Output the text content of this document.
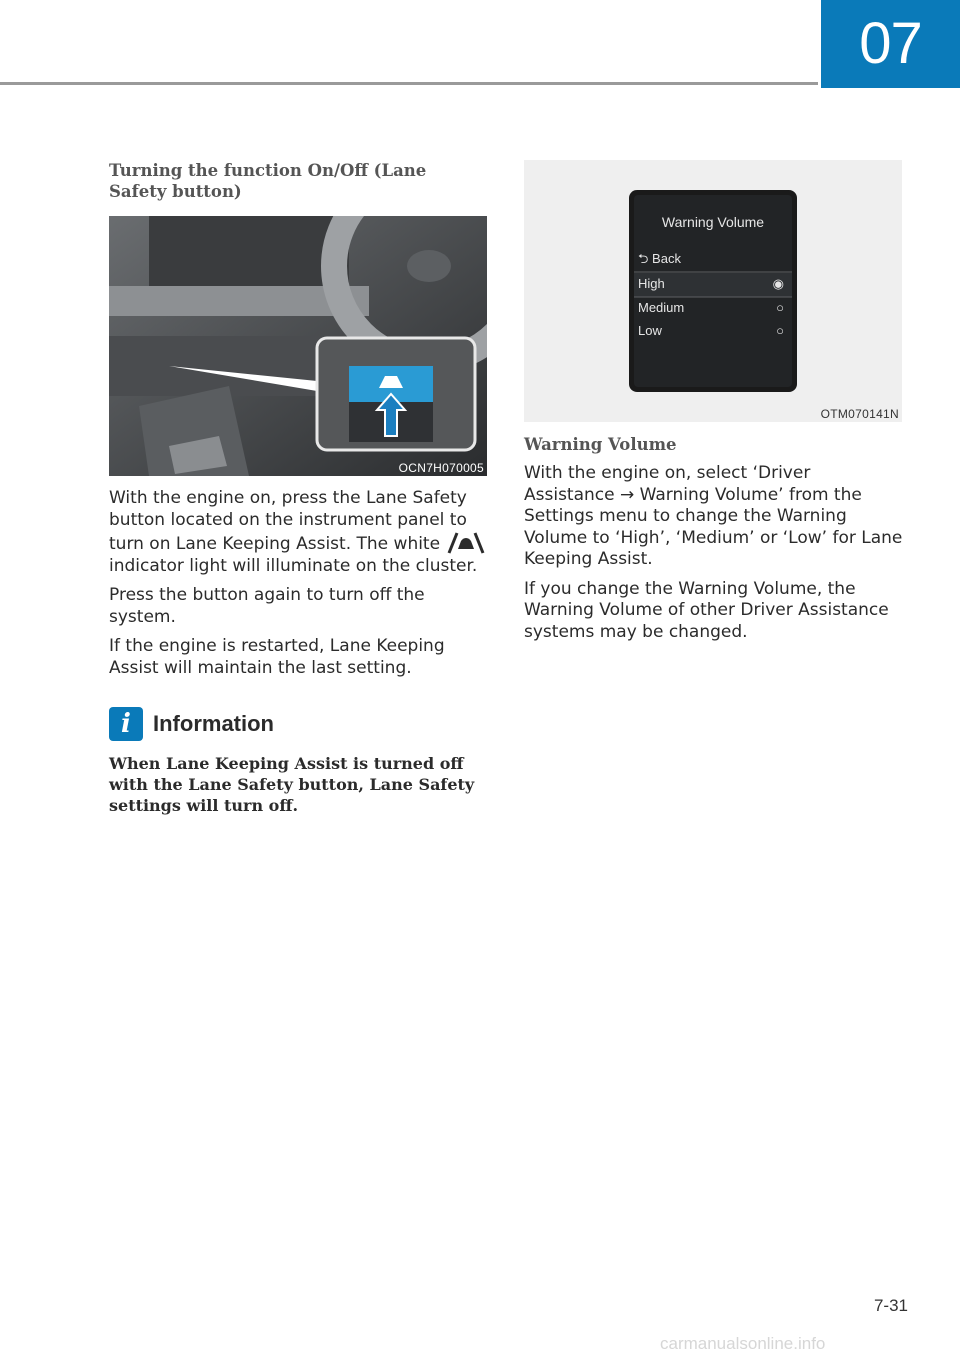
07
Turning the function On/Off (Lane Safety button)
OCN7H070005

With the engine on, press the Lane Safety button located on the instrument panel to turn on Lane Keeping Assist. The white  indicator light will illuminate on the cluster.

Press the button again to turn off the system.

If the engine is restarted, Lane Keeping Assist will maintain the last setting.

i	Information

When Lane Keeping Assist is turned off with the Lane Safety button, Lane Safety settings will turn off.

Warning Volume
⮌ Back
High	◉
Medium	○
Low	○
OTM070141N
Warning Volume

With the engine on, select ‘Driver Assistance → Warning Volume’ from the Settings menu to change the Warning Volume to ‘High’, ‘Medium’ or ‘Low’ for Lane Keeping Assist.

If you change the Warning Volume, the Warning Volume of other Driver Assistance systems may be changed.

7-31
carmanualsonline.info
